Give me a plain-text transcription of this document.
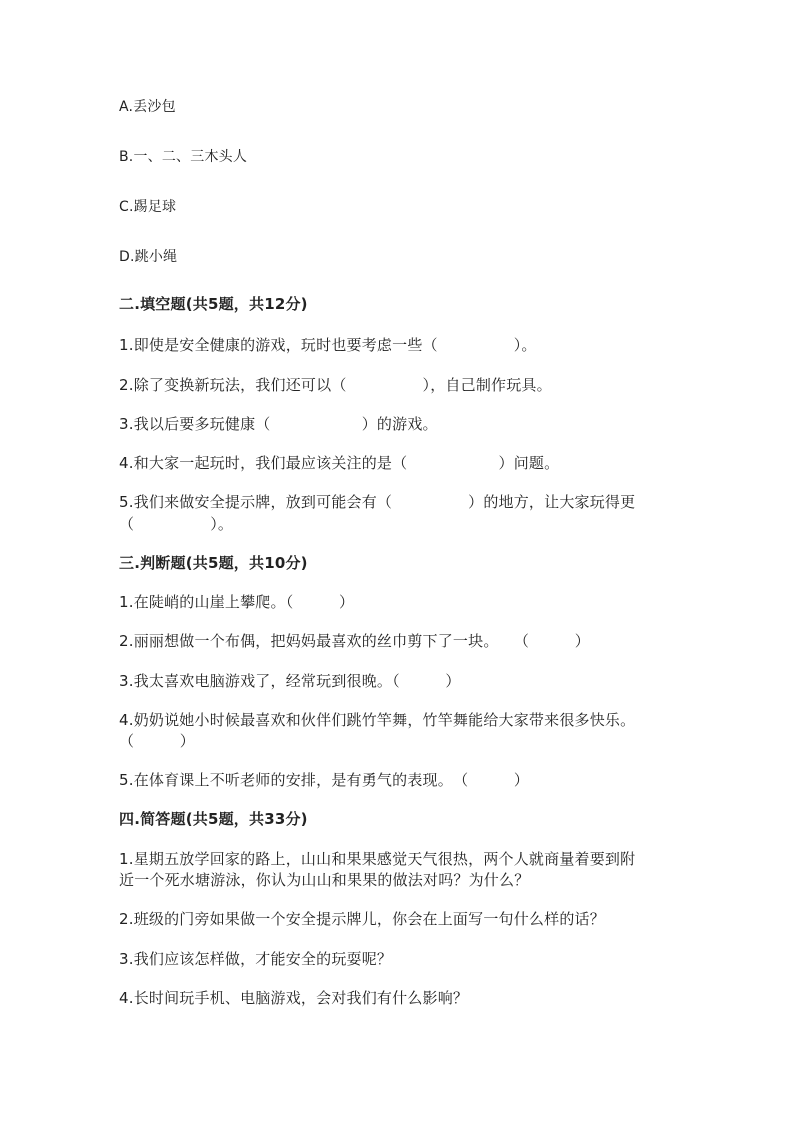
A.丢沙包
B.一、二、三木头人
C.踢足球
D.跳小绳
二.填空题(共5题，共12分)
1.即使是安全健康的游戏，玩时也要考虑一些（　　　　　）。
2.除了变换新玩法，我们还可以（　　　　　），自己制作玩具。
3.我以后要多玩健康（　　　　　　）的游戏。
4.和大家一起玩时，我们最应该关注的是（　　　　　　）问题。
5.我们来做安全提示牌，放到可能会有（　　　　　）的地方，让大家玩得更
（　　　　　）。
三.判断题(共5题，共10分)
1.在陡峭的山崖上攀爬。（　　　）
2.丽丽想做一个布偶，把妈妈最喜欢的丝巾剪下了一块。　　（　　　）
3.我太喜欢电脑游戏了，经常玩到很晚。（　　　）
4.奶奶说她小时候最喜欢和伙伴们跳竹竿舞，竹竿舞能给大家带来很多快乐。
（　　　）
5.在体育课上不听老师的安排，是有勇气的表现。　（　　　）
四.简答题(共5题，共33分)
1.星期五放学回家的路上，山山和果果感觉天气很热，两个人就商量着要到附
近一个死水塘游泳，你认为山山和果果的做法对吗？为什么？
2.班级的门旁如果做一个安全提示牌儿，你会在上面写一句什么样的话？
3.我们应该怎样做，才能安全的玩耍呢？
4.长时间玩手机、电脑游戏，会对我们有什么影响？
